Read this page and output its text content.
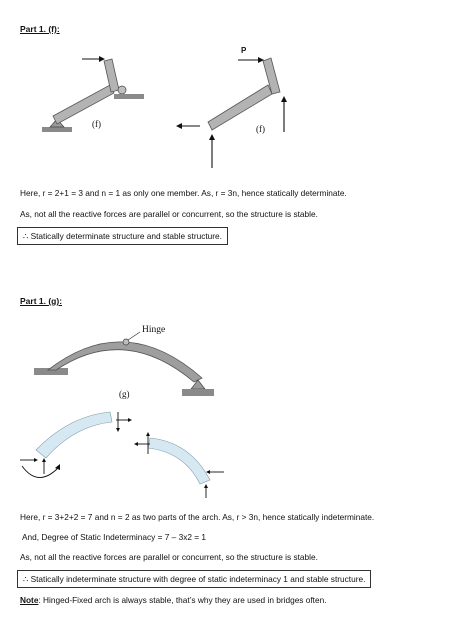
Part 1. (f):
(f)
P
(f)
Here, r = 2+1 = 3 and n = 1 as only one member. As, r = 3n, hence statically determinate.
As, not all the reactive forces are parallel or concurrent, so the structure is stable.
∴ Statically determinate structure and stable structure.
Part 1. (g):
Hinge
(g)
Here, r = 3+2+2 = 7 and n = 2 as two parts of the arch. As, r > 3n, hence statically indeterminate.
And, Degree of Static Indeterminacy = 7 – 3x2 = 1
As, not all the reactive forces are parallel or concurrent, so the structure is stable.
∴ Statically indeterminate structure with degree of static indeterminacy 1 and stable structure.
Note: Hinged-Fixed arch is always stable, that’s why they are used in bridges often.
